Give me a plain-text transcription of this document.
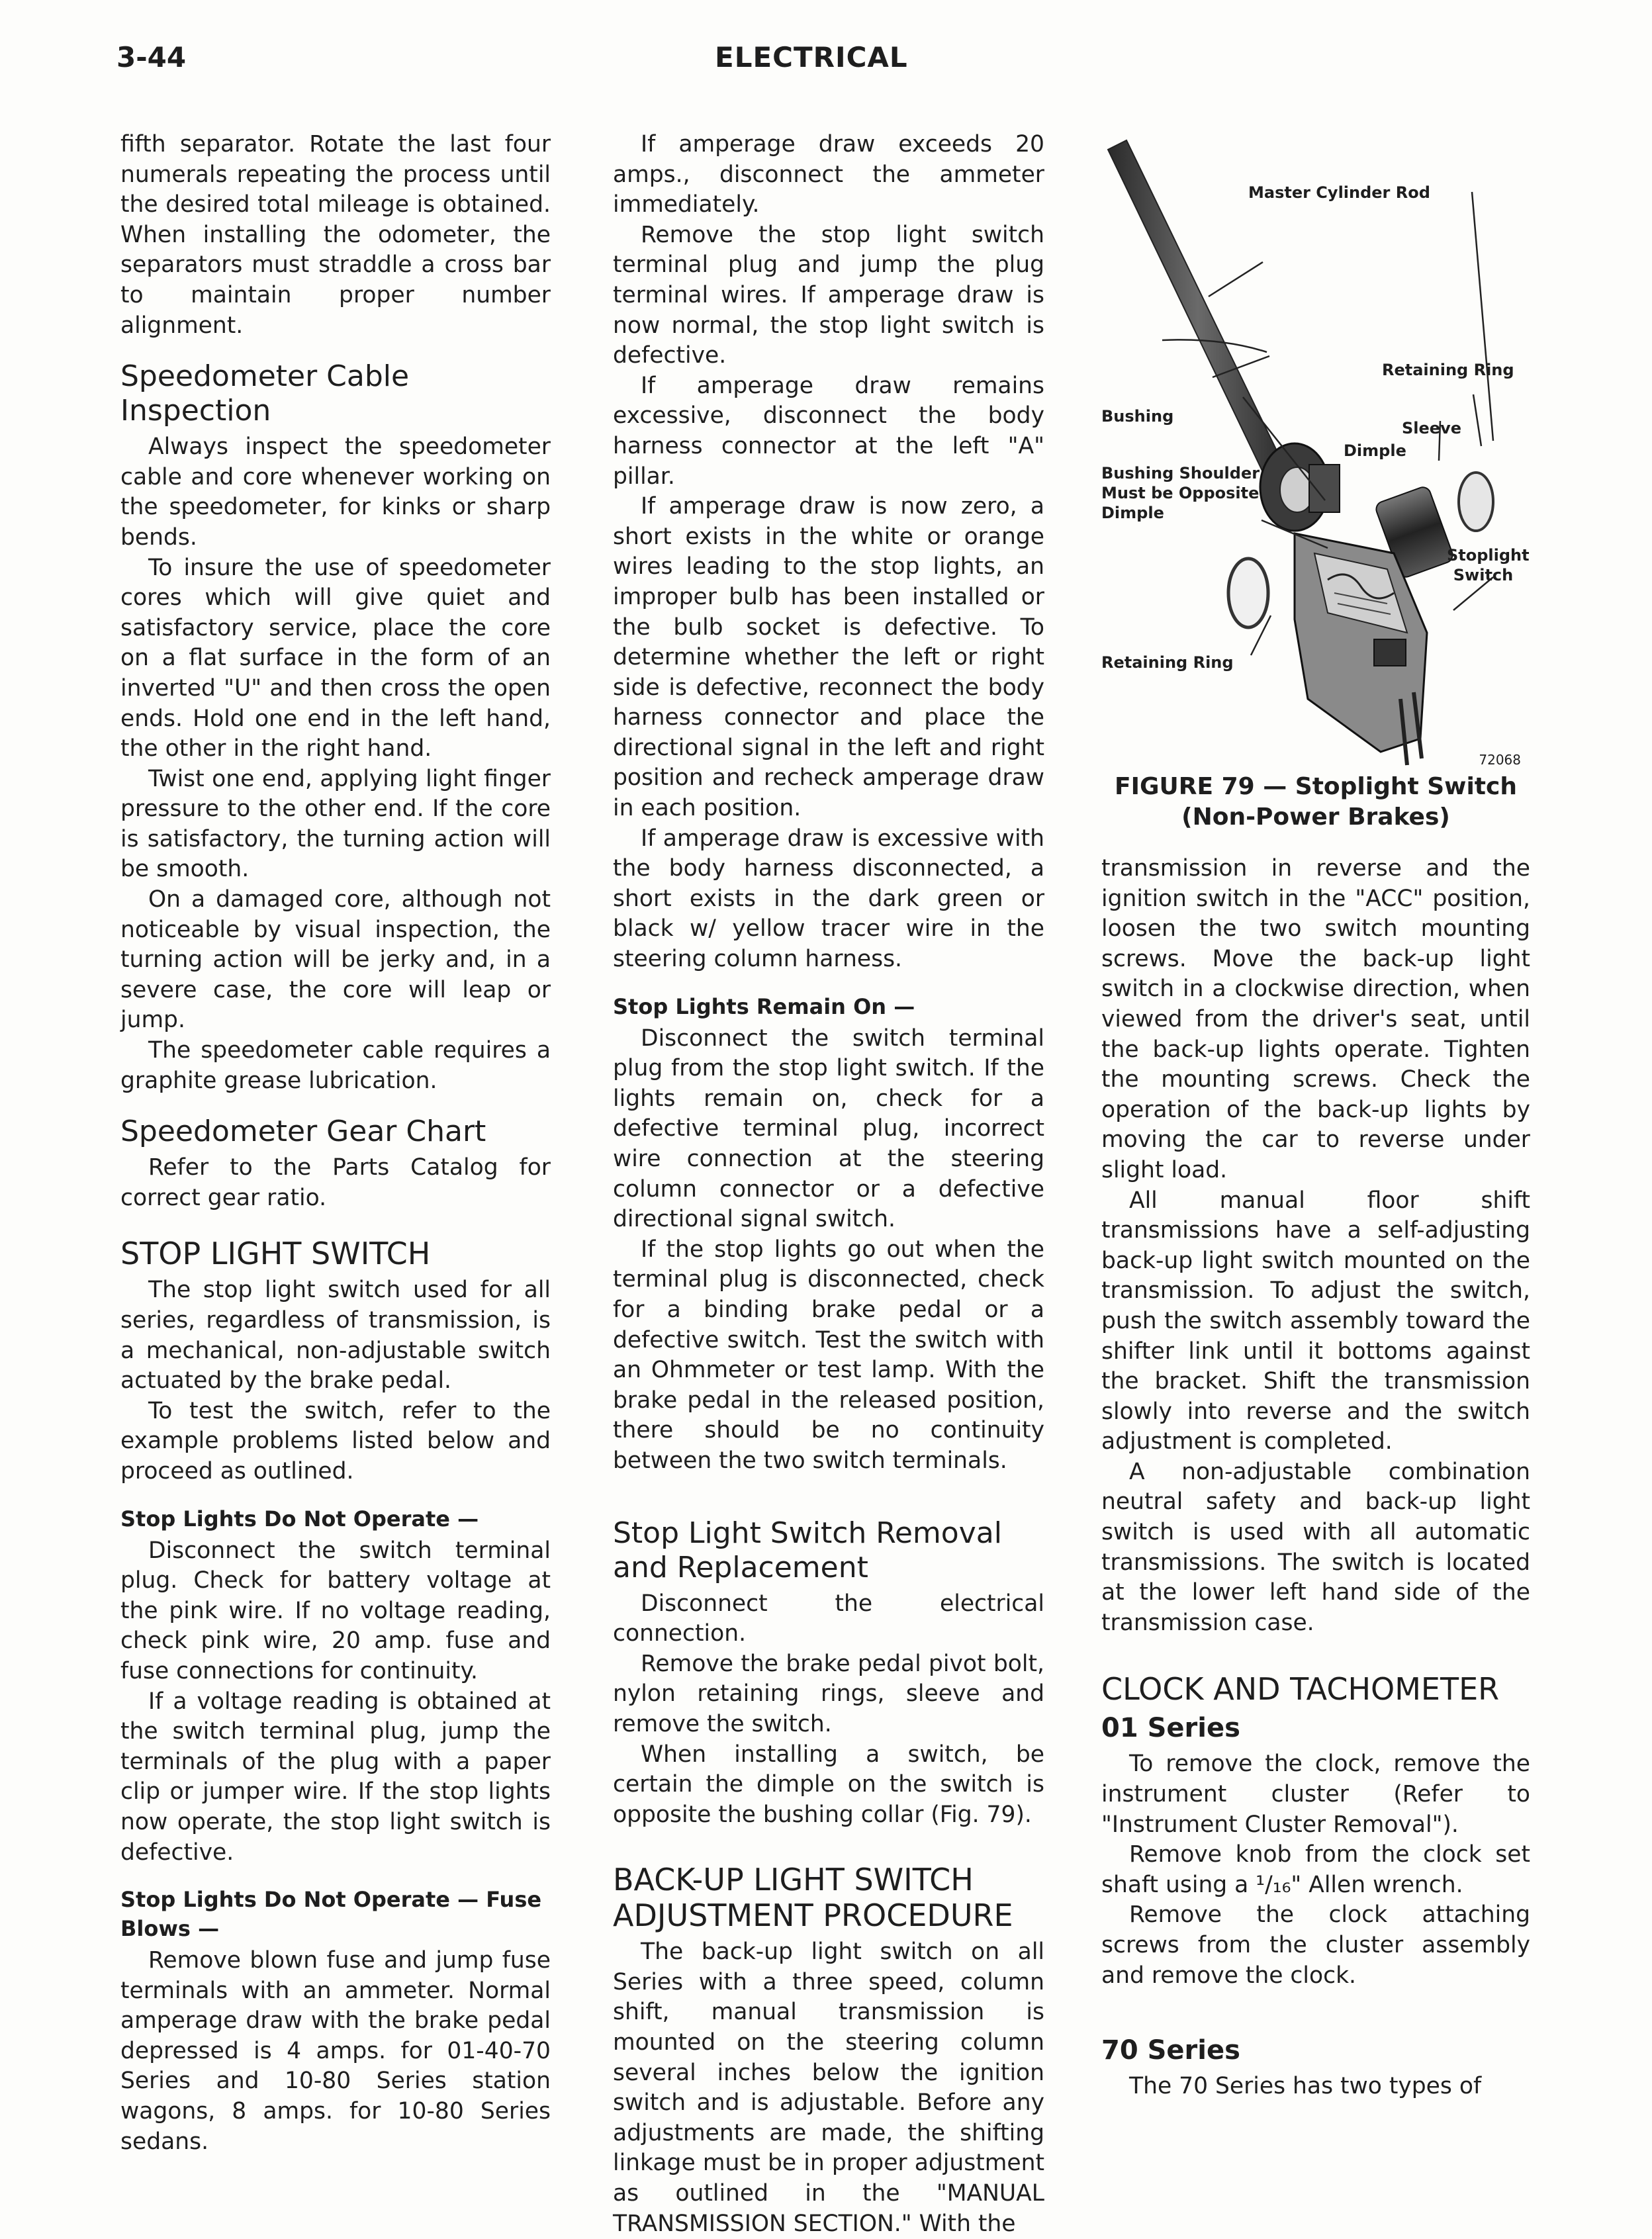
3-44	ELECTRICAL

fifth separator. Rotate the last four numerals repeating the process until the desired total mileage is obtained. When installing the odometer, the separators must straddle a cross bar to maintain proper number alignment.

Speedometer Cable Inspection

Always inspect the speedometer cable and core whenever working on the speedometer, for kinks or sharp bends.

To insure the use of speedometer cores which will give quiet and satisfactory service, place the core on a flat surface in the form of an inverted "U" and then cross the open ends. Hold one end in the left hand, the other in the right hand.

Twist one end, applying light finger pressure to the other end. If the core is satisfactory, the turning action will be smooth.

On a damaged core, although not noticeable by visual inspection, the turning action will be jerky and, in a severe case, the core will leap or jump.

The speedometer cable requires a graphite grease lubrication.

Speedometer Gear Chart

Refer to the Parts Catalog for correct gear ratio.

STOP LIGHT SWITCH

The stop light switch used for all series, regardless of transmission, is a mechanical, non-adjustable switch actuated by the brake pedal.

To test the switch, refer to the example problems listed below and proceed as outlined.

Stop Lights Do Not Operate —

Disconnect the switch terminal plug. Check for battery voltage at the pink wire. If no voltage reading, check pink wire, 20 amp. fuse and fuse connections for continuity.

If a voltage reading is obtained at the switch terminal plug, jump the terminals of the plug with a paper clip or jumper wire. If the stop lights now operate, the stop light switch is defective.

Stop Lights Do Not Operate — Fuse Blows —

Remove blown fuse and jump fuse terminals with an ammeter. Normal amperage draw with the brake pedal depressed is 4 amps. for 01-40-70 Series and 10-80 Series station wagons, 8 amps. for 10-80 Series sedans.

If amperage draw exceeds 20 amps., disconnect the ammeter immediately.

Remove the stop light switch terminal plug and jump the plug terminal wires. If amperage draw is now normal, the stop light switch is defective.

If amperage draw remains excessive, disconnect the body harness connector at the left "A" pillar.

If amperage draw is now zero, a short exists in the white or orange wires leading to the stop lights, an improper bulb has been installed or the bulb socket is defective. To determine whether the left or right side is defective, reconnect the body harness connector and place the directional signal in the left and right position and recheck amperage draw in each position.

If amperage draw is excessive with the body harness disconnected, a short exists in the dark green or black w/ yellow tracer wire in the steering column harness.

Stop Lights Remain On —

Disconnect the switch terminal plug from the stop light switch. If the lights remain on, check for a defective terminal plug, incorrect wire connection at the steering column connector or a defective directional signal switch.

If the stop lights go out when the terminal plug is disconnected, check for a binding brake pedal or a defective switch. Test the switch with an Ohmmeter or test lamp. With the brake pedal in the released position, there should be no continuity between the two switch terminals.

Stop Light Switch Removal and Replacement

Disconnect the electrical connection.

Remove the brake pedal pivot bolt, nylon retaining rings, sleeve and remove the switch.

When installing a switch, be certain the dimple on the switch is opposite the bushing collar (Fig. 79).

BACK-UP LIGHT SWITCH ADJUSTMENT PROCEDURE

The back-up light switch on all Series with a three speed, column shift, manual transmission is mounted on the steering column several inches below the ignition switch and is adjustable. Before any adjustments are made, the shifting linkage must be in proper adjustment as outlined in the "MANUAL TRANSMISSION SECTION." With the

Master Cylinder Rod
Retaining Ring
Bushing
Sleeve
Dimple
Bushing Shoulder Must be Opposite Dimple
Stoplight Switch
Retaining Ring
72068
FIGURE 79 — Stoplight Switch (Non-Power Brakes)

transmission in reverse and the ignition switch in the "ACC" position, loosen the two switch mounting screws. Move the back-up light switch in a clockwise direction, when viewed from the driver's seat, until the back-up lights operate. Tighten the mounting screws. Check the operation of the back-up lights by moving the car to reverse under slight load.

All manual floor shift transmissions have a self-adjusting back-up light switch mounted on the transmission. To adjust the switch, push the switch assembly toward the shifter link until it bottoms against the bracket. Shift the transmission slowly into reverse and the switch adjustment is completed.

A non-adjustable combination neutral safety and back-up light switch is used with all automatic transmissions. The switch is located at the lower left hand side of the transmission case.

CLOCK AND TACHOMETER
01 Series

To remove the clock, remove the instrument cluster (Refer to "Instrument Cluster Removal").

Remove knob from the clock set shaft using a ¹/₁₆" Allen wrench.

Remove the clock attaching screws from the cluster assembly and remove the clock.

70 Series

The 70 Series has two types of
